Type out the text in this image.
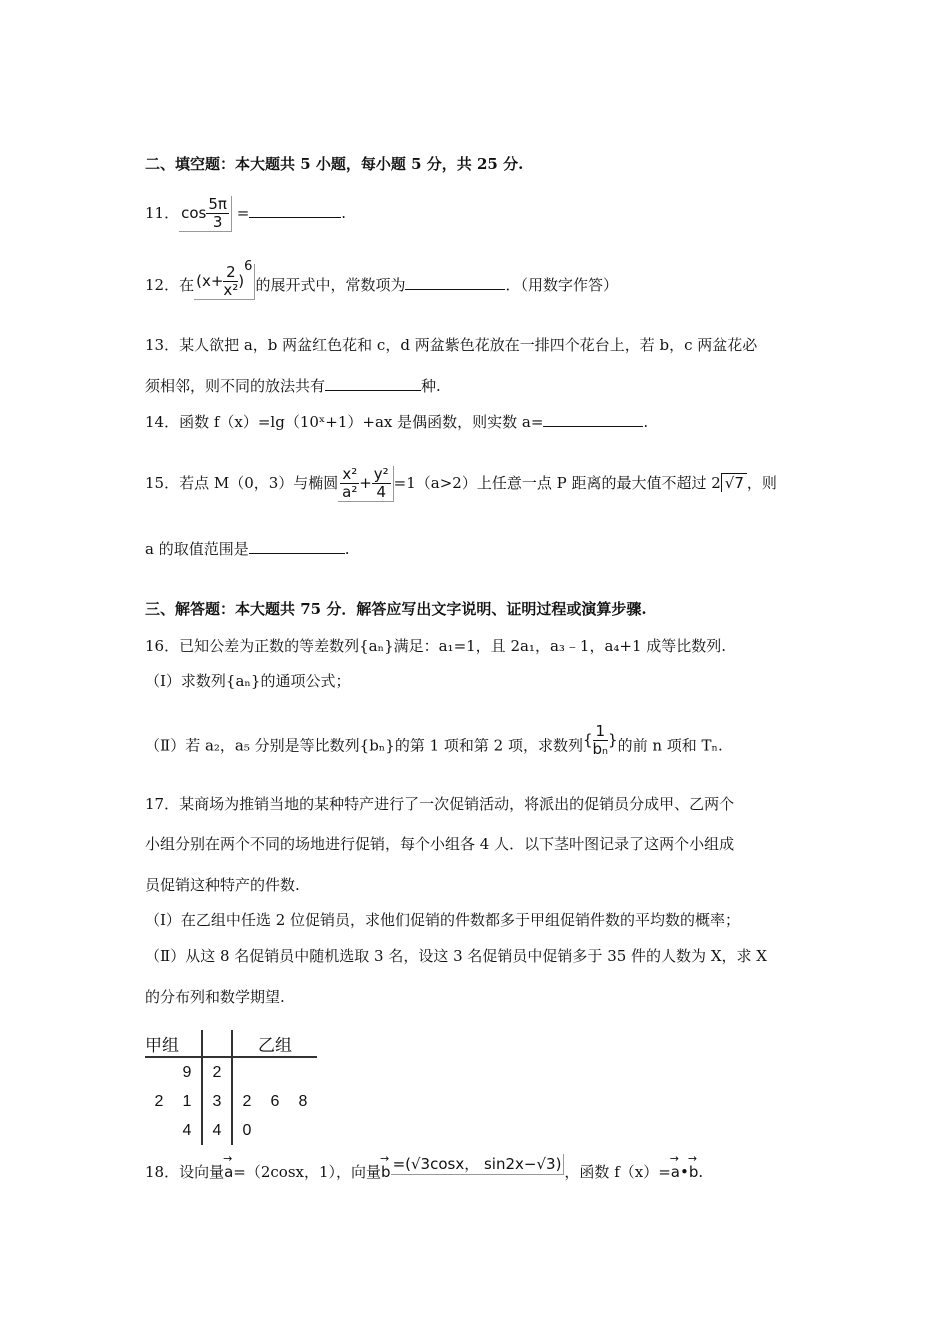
二、填空题：本大题共 5 小题，每小题 5 分，共 25 分.
11． $\cos \frac{5\pi}{3}$ =	.
12．在 $(x+ \frac{2}{\text{x²}} )^6$的展开式中，常数项为	．（用数字作答）
13．某人欲把 a，b 两盆红色花和 c，d 两盆紫色花放在一排四个花台上，若 b，c 两盆花必
须相邻，则不同的放法共有	种.
14．函数 f（x）=lg（10ˣ+1）+ax 是偶函数，则实数 a=	.
15．若点 M（0，3）与椭圆 $\frac{\text{x²}}{\text{a²}} + \frac{\text{y²}}{4} =1(a>2)$上任意一点 P 距离的最大值不超过 2 √7 ，则
a 的取值范围是	.
三、解答题：本大题共 75 分．解答应写出文字说明、证明过程或演算步骤.
16．已知公差为正数的等差数列{aₙ}满足：a₁=1，且 2a₁，a₃﹣1，a₄+1 成等比数列.
（Ⅰ）求数列{aₙ}的通项公式；
（Ⅱ）若 a₂，a₅ 分别是等比数列{bₙ}的第 1 项和第 2 项，求数列{ $\frac{1}{\text{bₙ}}$ }的前 n 项和 Tₙ.
17．某商场为推销当地的某种特产进行了一次促销活动，将派出的促销员分成甲、乙两个
小组分别在两个不同的场地进行促销，每个小组各 4 人．以下茎叶图记录了这两个小组成
员促销这种特产的件数.
（Ⅰ）在乙组中任选 2 位促销员，求他们促销的件数都多于甲组促销件数的平均数的概率；
（Ⅱ）从这 8 名促销员中随机选取 3 名，设这 3 名促销员中促销多于 35 件的人数为 X，求 X
的分布列和数学期望.
甲组			乙组		
	9	2			
2	1	3	2	6	8
	4	4	0		
18．设向量→ a=（2cosx，1），向量→ b =(√3cosx， sin2x−√3) ，函数 f（x）=→ a•→ b.
